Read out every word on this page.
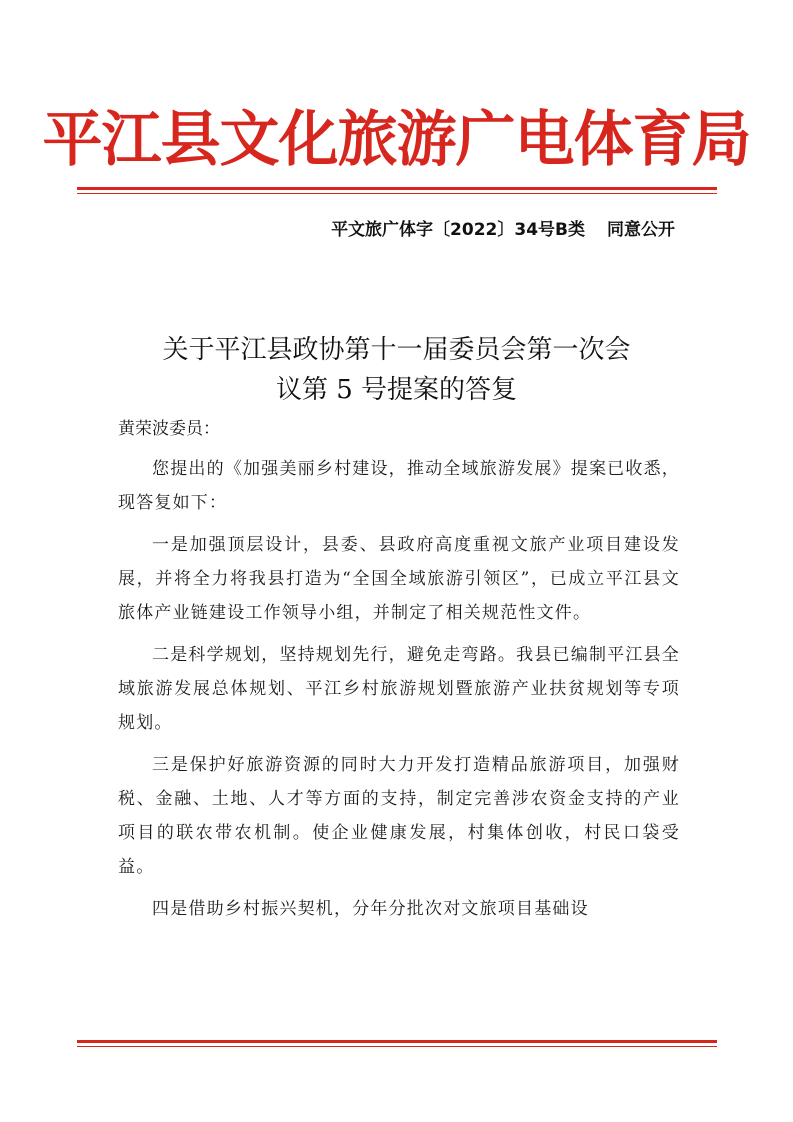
平江县文化旅游广电体育局
平文旅广体字〔2022〕34号B类 同意公开
关于平江县政协第十一届委员会第一次会
议第 5 号提案的答复
黄荣波委员：

您提出的《加强美丽乡村建设，推动全域旅游发展》提案已收悉，现答复如下：

一是加强顶层设计，县委、县政府高度重视文旅产业项目建设发展，并将全力将我县打造为“全国全域旅游引领区”，已成立平江县文旅体产业链建设工作领导小组，并制定了相关规范性文件。

二是科学规划，坚持规划先行，避免走弯路。我县已编制平江县全域旅游发展总体规划、平江乡村旅游规划暨旅游产业扶贫规划等专项规划。

三是保护好旅游资源的同时大力开发打造精品旅游项目，加强财税、金融、土地、人才等方面的支持，制定完善涉农资金支持的产业项目的联农带农机制。使企业健康发展，村集体创收，村民口袋受益。

四是借助乡村振兴契机，分年分批次对文旅项目基础设
